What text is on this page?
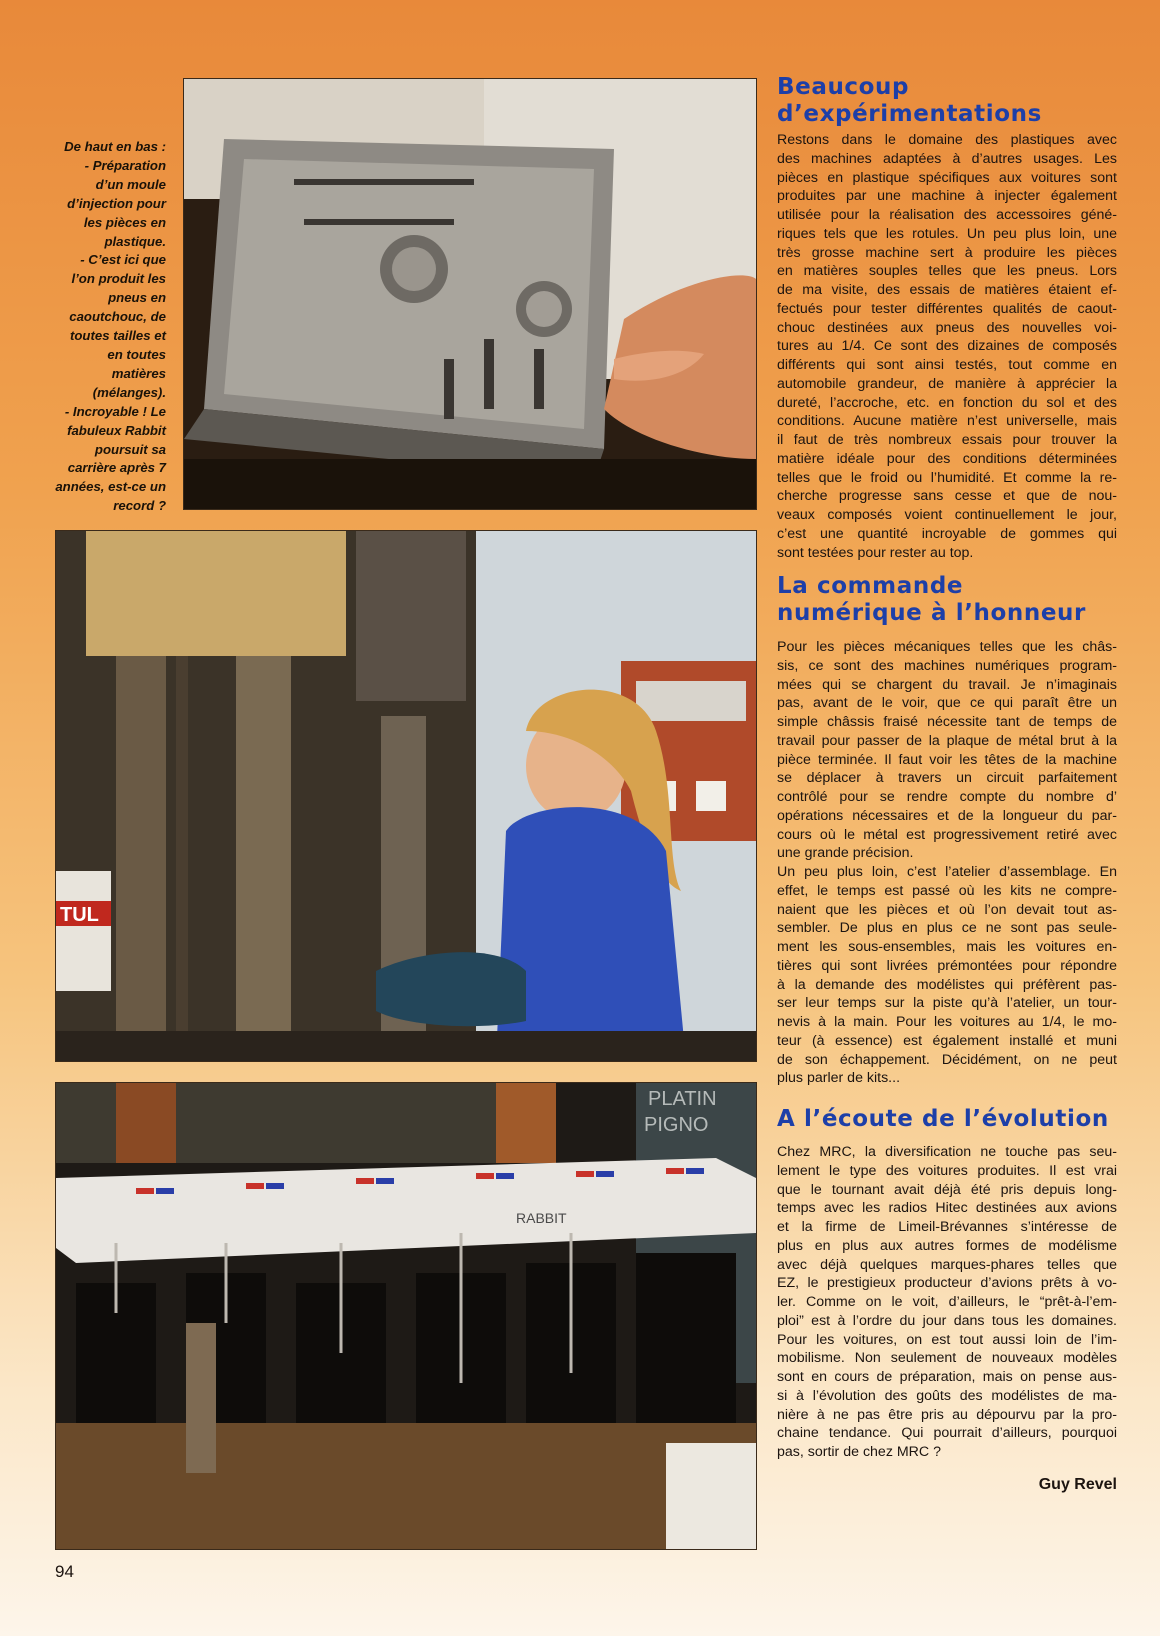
De haut en bas :
- Préparation
d’un moule
d’injection pour
les pièces en
plastique.
- C’est ici que
l’on produit les
pneus en
caoutchouc, de
toutes tailles et
en toutes
matières
(mélanges).
- Incroyable ! Le
fabuleux Rabbit
poursuit sa
carrière après 7
années, est-ce un
record ?
TUL
PLATIN
PIGNO
RABBIT
Beaucoup
d’expérimentations
Restons dans le domaine des plastiques avec
des machines adaptées à d’autres usages. Les
pièces en plastique spécifiques aux voitures sont
produites par une machine à injecter également
utilisée pour la réalisation des accessoires géné-
riques tels que les rotules. Un peu plus loin, une
très grosse machine sert à produire les pièces
en matières souples telles que les pneus. Lors
de ma visite, des essais de matières étaient ef-
fectués pour tester différentes qualités de caout-
chouc destinées aux pneus des nouvelles voi-
tures au 1/4. Ce sont des dizaines de composés
différents qui sont ainsi testés, tout comme en
automobile grandeur, de manière à apprécier la
dureté, l’accroche, etc. en fonction du sol et des
conditions. Aucune matière n’est universelle, mais
il faut de très nombreux essais pour trouver la
matière idéale pour des conditions déterminées
telles que le froid ou l’humidité. Et comme la re-
cherche progresse sans cesse et que de nou-
veaux composés voient continuellement le jour,
c’est une quantité incroyable de gommes qui
sont testées pour rester au top.
La commande
numérique à l’honneur
Pour les pièces mécaniques telles que les châs-
sis, ce sont des machines numériques program-
mées qui se chargent du travail. Je n’imaginais
pas, avant de le voir, que ce qui paraît être un
simple châssis fraisé nécessite tant de temps de
travail pour passer de la plaque de métal brut à la
pièce terminée. Il faut voir les têtes de la machine
se déplacer à travers un circuit parfaitement
contrôlé pour se rendre compte du nombre d’
opérations nécessaires et de la longueur du par-
cours où le métal est progressivement retiré avec
une grande précision.
Un peu plus loin, c’est l’atelier d’assemblage. En
effet, le temps est passé où les kits ne compre-
naient que les pièces et où l’on devait tout as-
sembler. De plus en plus ce ne sont pas seule-
ment les sous-ensembles, mais les voitures en-
tières qui sont livrées prémontées pour répondre
à la demande des modélistes qui préfèrent pas-
ser leur temps sur la piste qu’à l’atelier, un tour-
nevis à la main. Pour les voitures au 1/4, le mo-
teur (à essence) est également installé et muni
de son échappement. Décidément, on ne peut
plus parler de kits...
A l’écoute de l’évolution
Chez MRC, la diversification ne touche pas seu-
lement le type des voitures produites. Il est vrai
que le tournant avait déjà été pris depuis long-
temps avec les radios Hitec destinées aux avions
et la firme de Limeil-Brévannes s’intéresse de
plus en plus aux autres formes de modélisme
avec déjà quelques marques-phares telles que
EZ, le prestigieux producteur d’avions prêts à vo-
ler. Comme on le voit, d’ailleurs, le “prêt-à-l’em-
ploi” est à l’ordre du jour dans tous les domaines.
Pour les voitures, on est tout aussi loin de l’im-
mobilisme. Non seulement de nouveaux modèles
sont en cours de préparation, mais on pense aus-
si à l’évolution des goûts des modélistes de ma-
nière à ne pas être pris au dépourvu par la pro-
chaine tendance. Qui pourrait d’ailleurs, pourquoi
pas, sortir de chez MRC ?
Guy Revel
94
